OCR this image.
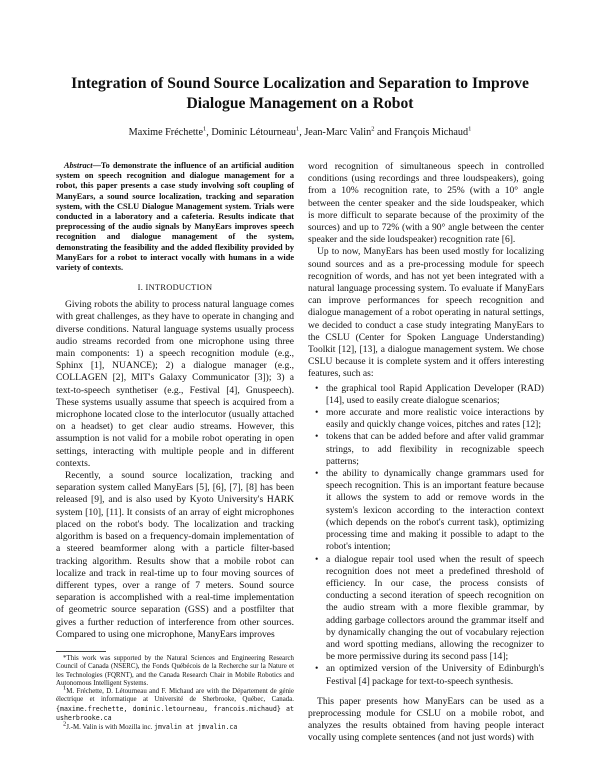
Integration of Sound Source Localization and Separation to Improve Dialogue Management on a Robot
Maxime Fréchette$^1$, Dominic Létourneau$^1$, Jean-Marc Valin$^2$ and François Michaud$^1$

Abstract—To demonstrate the influence of an artificial audition system on speech recognition and dialogue management for a robot, this paper presents a case study involving soft coupling of ManyEars, a sound source localization, tracking and separation system, with the CSLU Dialogue Management system. Trials were conducted in a laboratory and a cafeteria. Results indicate that preprocessing of the audio signals by ManyEars improves speech recognition and dialogue management of the system, demonstrating the feasibility and the added flexibility provided by ManyEars for a robot to interact vocally with humans in a wide variety of contexts.

I. INTRODUCTION

Giving robots the ability to process natural language comes with great challenges, as they have to operate in changing and diverse conditions. Natural language systems usually process audio streams recorded from one microphone using three main components: 1) a speech recognition module (e.g., Sphinx [1], NUANCE); 2) a dialogue manager (e.g., COLLAGEN [2], MIT's Galaxy Communicator [3]); 3) a text-to-speech synthetiser (e.g., Festival [4], Gnuspeech). These systems usually assume that speech is acquired from a microphone located close to the interlocutor (usually attached on a headset) to get clear audio streams. However, this assumption is not valid for a mobile robot operating in open settings, interacting with multiple people and in different contexts.

Recently, a sound source localization, tracking and separation system called ManyEars [5], [6], [7], [8] has been released [9], and is also used by Kyoto University's HARK system [10], [11]. It consists of an array of eight microphones placed on the robot's body. The localization and tracking algorithm is based on a frequency-domain implementation of a steered beamformer along with a particle filter-based tracking algorithm. Results show that a mobile robot can localize and track in real-time up to four moving sources of different types, over a range of 7 meters. Sound source separation is accomplished with a real-time implementation of geometric source separation (GSS) and a postfilter that gives a further reduction of interference from other sources. Compared to using one microphone, ManyEars improves

*This work was supported by the Natural Sciences and Engineering Research Council of Canada (NSERC), the Fonds Québécois de la Recherche sur la Nature et les Technologies (FQRNT), and the Canada Research Chair in Mobile Robotics and Autonomous Intelligent Systems.

$^1$M. Fréchette, D. Létourneau and F. Michaud are with the Département de génie électrique et informatique at Université de Sherbrooke, Québec, Canada. {maxime.frechette, dominic.letourneau, francois.michaud} at usherbrooke.ca

$^2$J.-M. Valin is with Mozilla inc. jmvalin at jmvalin.ca

word recognition of simultaneous speech in controlled conditions (using recordings and three loudspeakers), going from a 10% recognition rate, to 25% (with a 10° angle between the center speaker and the side loudspeaker, which is more difficult to separate because of the proximity of the sources) and up to 72% (with a 90° angle between the center speaker and the side loudspeaker) recognition rate [6].

Up to now, ManyEars has been used mostly for localizing sound sources and as a pre-processing module for speech recognition of words, and has not yet been integrated with a natural language processing system. To evaluate if ManyEars can improve performances for speech recognition and dialogue management of a robot operating in natural settings, we decided to conduct a case study integrating ManyEars to the CSLU (Center for Spoken Language Understanding) Toolkit [12], [13], a dialogue management system. We chose CSLU because it is complete system and it offers interesting features, such as:

• the graphical tool Rapid Application Developer (RAD) [14], used to easily create dialogue scenarios;
• more accurate and more realistic voice interactions by easily and quickly change voices, pitches and rates [12];
• tokens that can be added before and after valid grammar strings, to add flexibility in recognizable speech patterns;
• the ability to dynamically change grammars used for speech recognition. This is an important feature because it allows the system to add or remove words in the system's lexicon according to the interaction context (which depends on the robot's current task), optimizing processing time and making it possible to adapt to the robot's intention;
• a dialogue repair tool used when the result of speech recognition does not meet a predefined threshold of efficiency. In our case, the process consists of conducting a second iteration of speech recognition on the audio stream with a more flexible grammar, by adding garbage collectors around the grammar itself and by dynamically changing the out of vocabulary rejection and word spotting medians, allowing the recognizer to be more permissive during its second pass [14];
• an optimized version of the University of Edinburgh's Festival [4] package for text-to-speech synthesis.

This paper presents how ManyEars can be used as a preprocessing module for CSLU on a mobile robot, and analyzes the results obtained from having people interact vocally using complete sentences (and not just words) with
